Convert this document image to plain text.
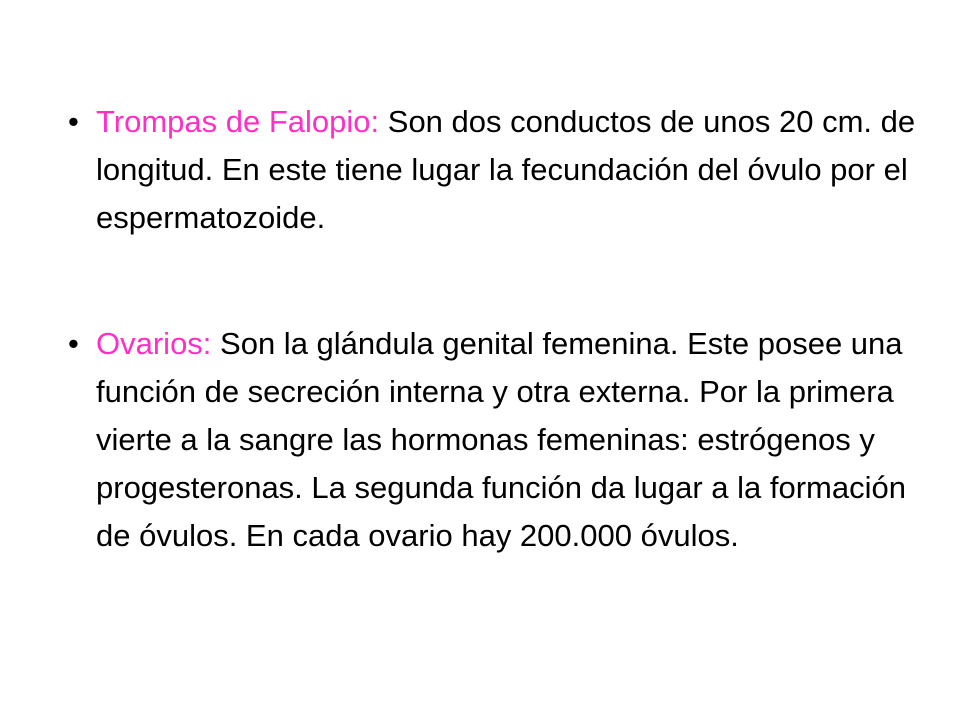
• Trompas de Falopio: Son dos conductos de unos 20 cm. de longitud. En este tiene lugar la fecundación del óvulo por el espermatozoide.
• Ovarios: Son la glándula genital femenina. Este posee una función de secreción interna y otra externa. Por la primera vierte a la sangre las hormonas femeninas: estrógenos y progesteronas. La segunda función da lugar a la formación de óvulos. En cada ovario hay 200.000 óvulos.
